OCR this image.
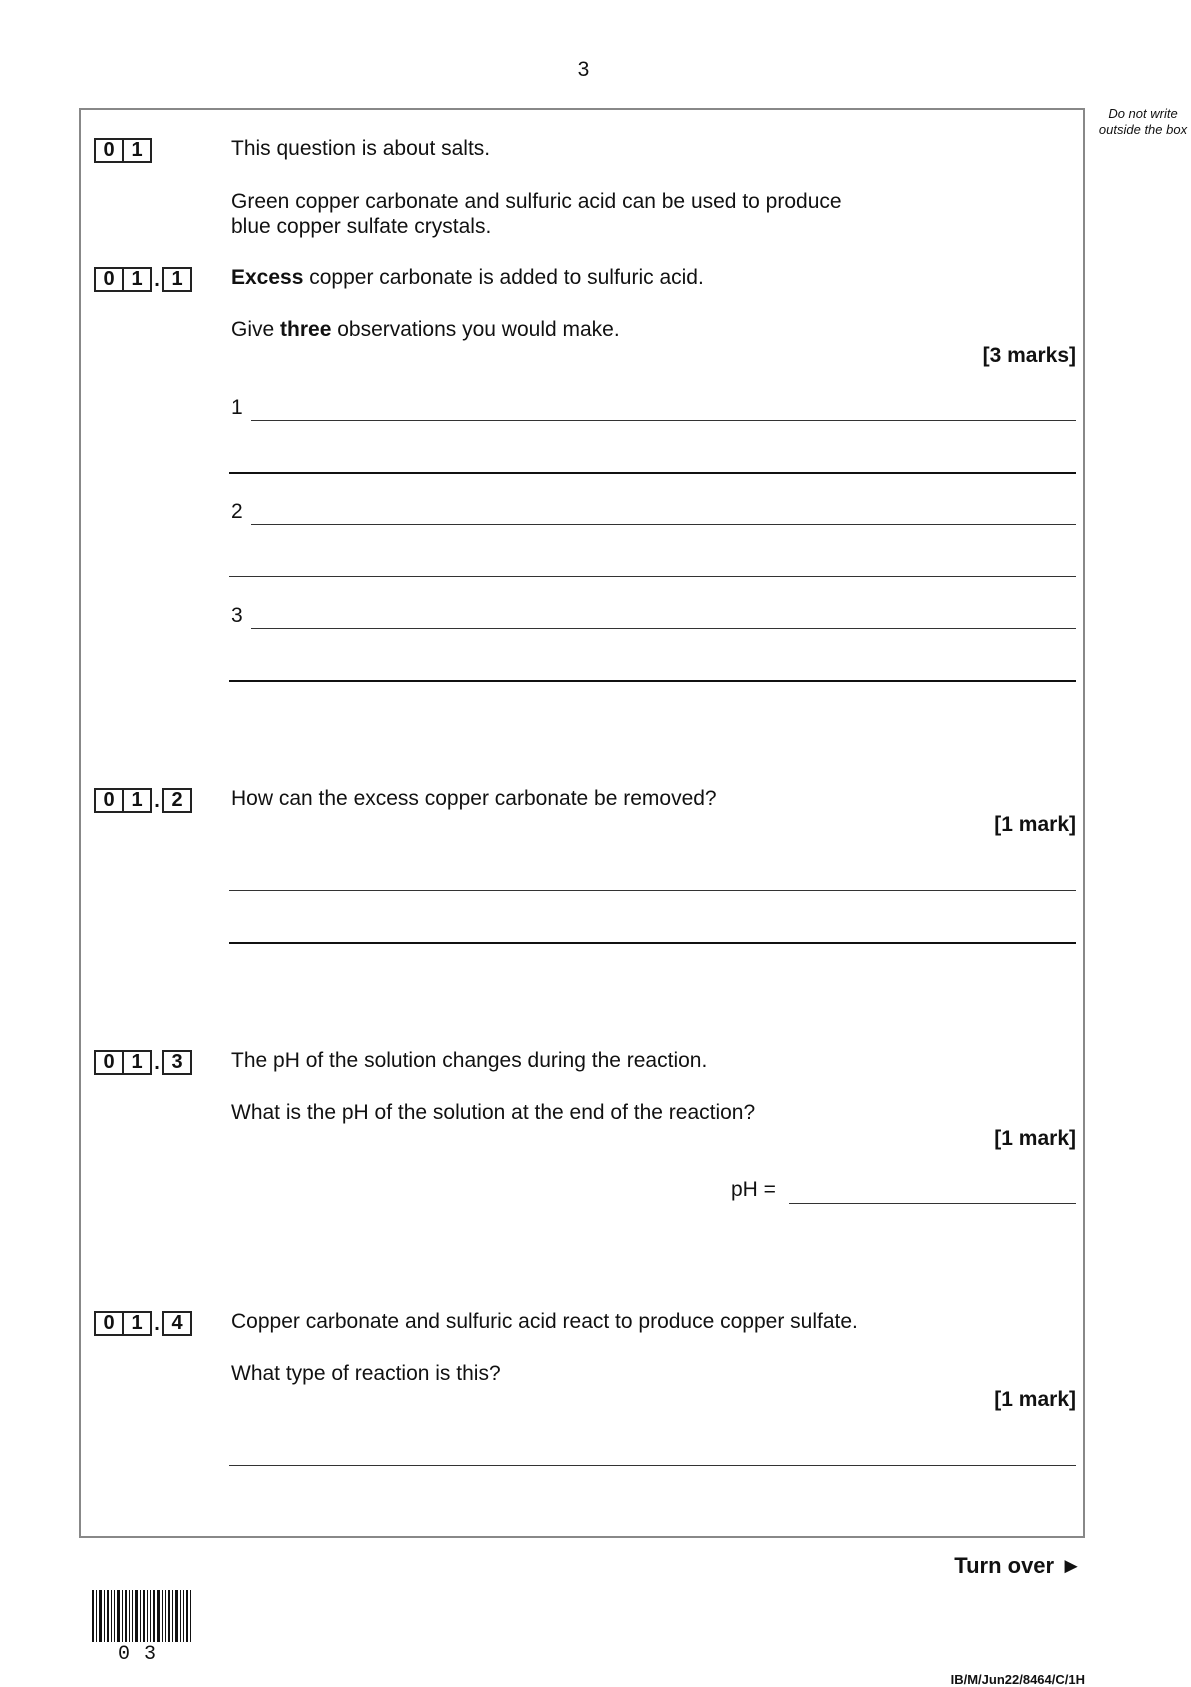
3
Do not write outside the box
0 1	This question is about salts.
Green copper carbonate and sulfuric acid can be used to produce
blue copper sulfate crystals.
0 1 . 1	Excess copper carbonate is added to sulfuric acid.
Give three observations you would make.
[3 marks]
1
2
3
0 1 . 2	How can the excess copper carbonate be removed?
[1 mark]
0 1 . 3	The pH of the solution changes during the reaction.
What is the pH of the solution at the end of the reaction?
[1 mark]
pH =
0 1 . 4	Copper carbonate and sulfuric acid react to produce copper sulfate.
What type of reaction is this?
[1 mark]
Turn over ►
03
IB/M/Jun22/8464/C/1H
